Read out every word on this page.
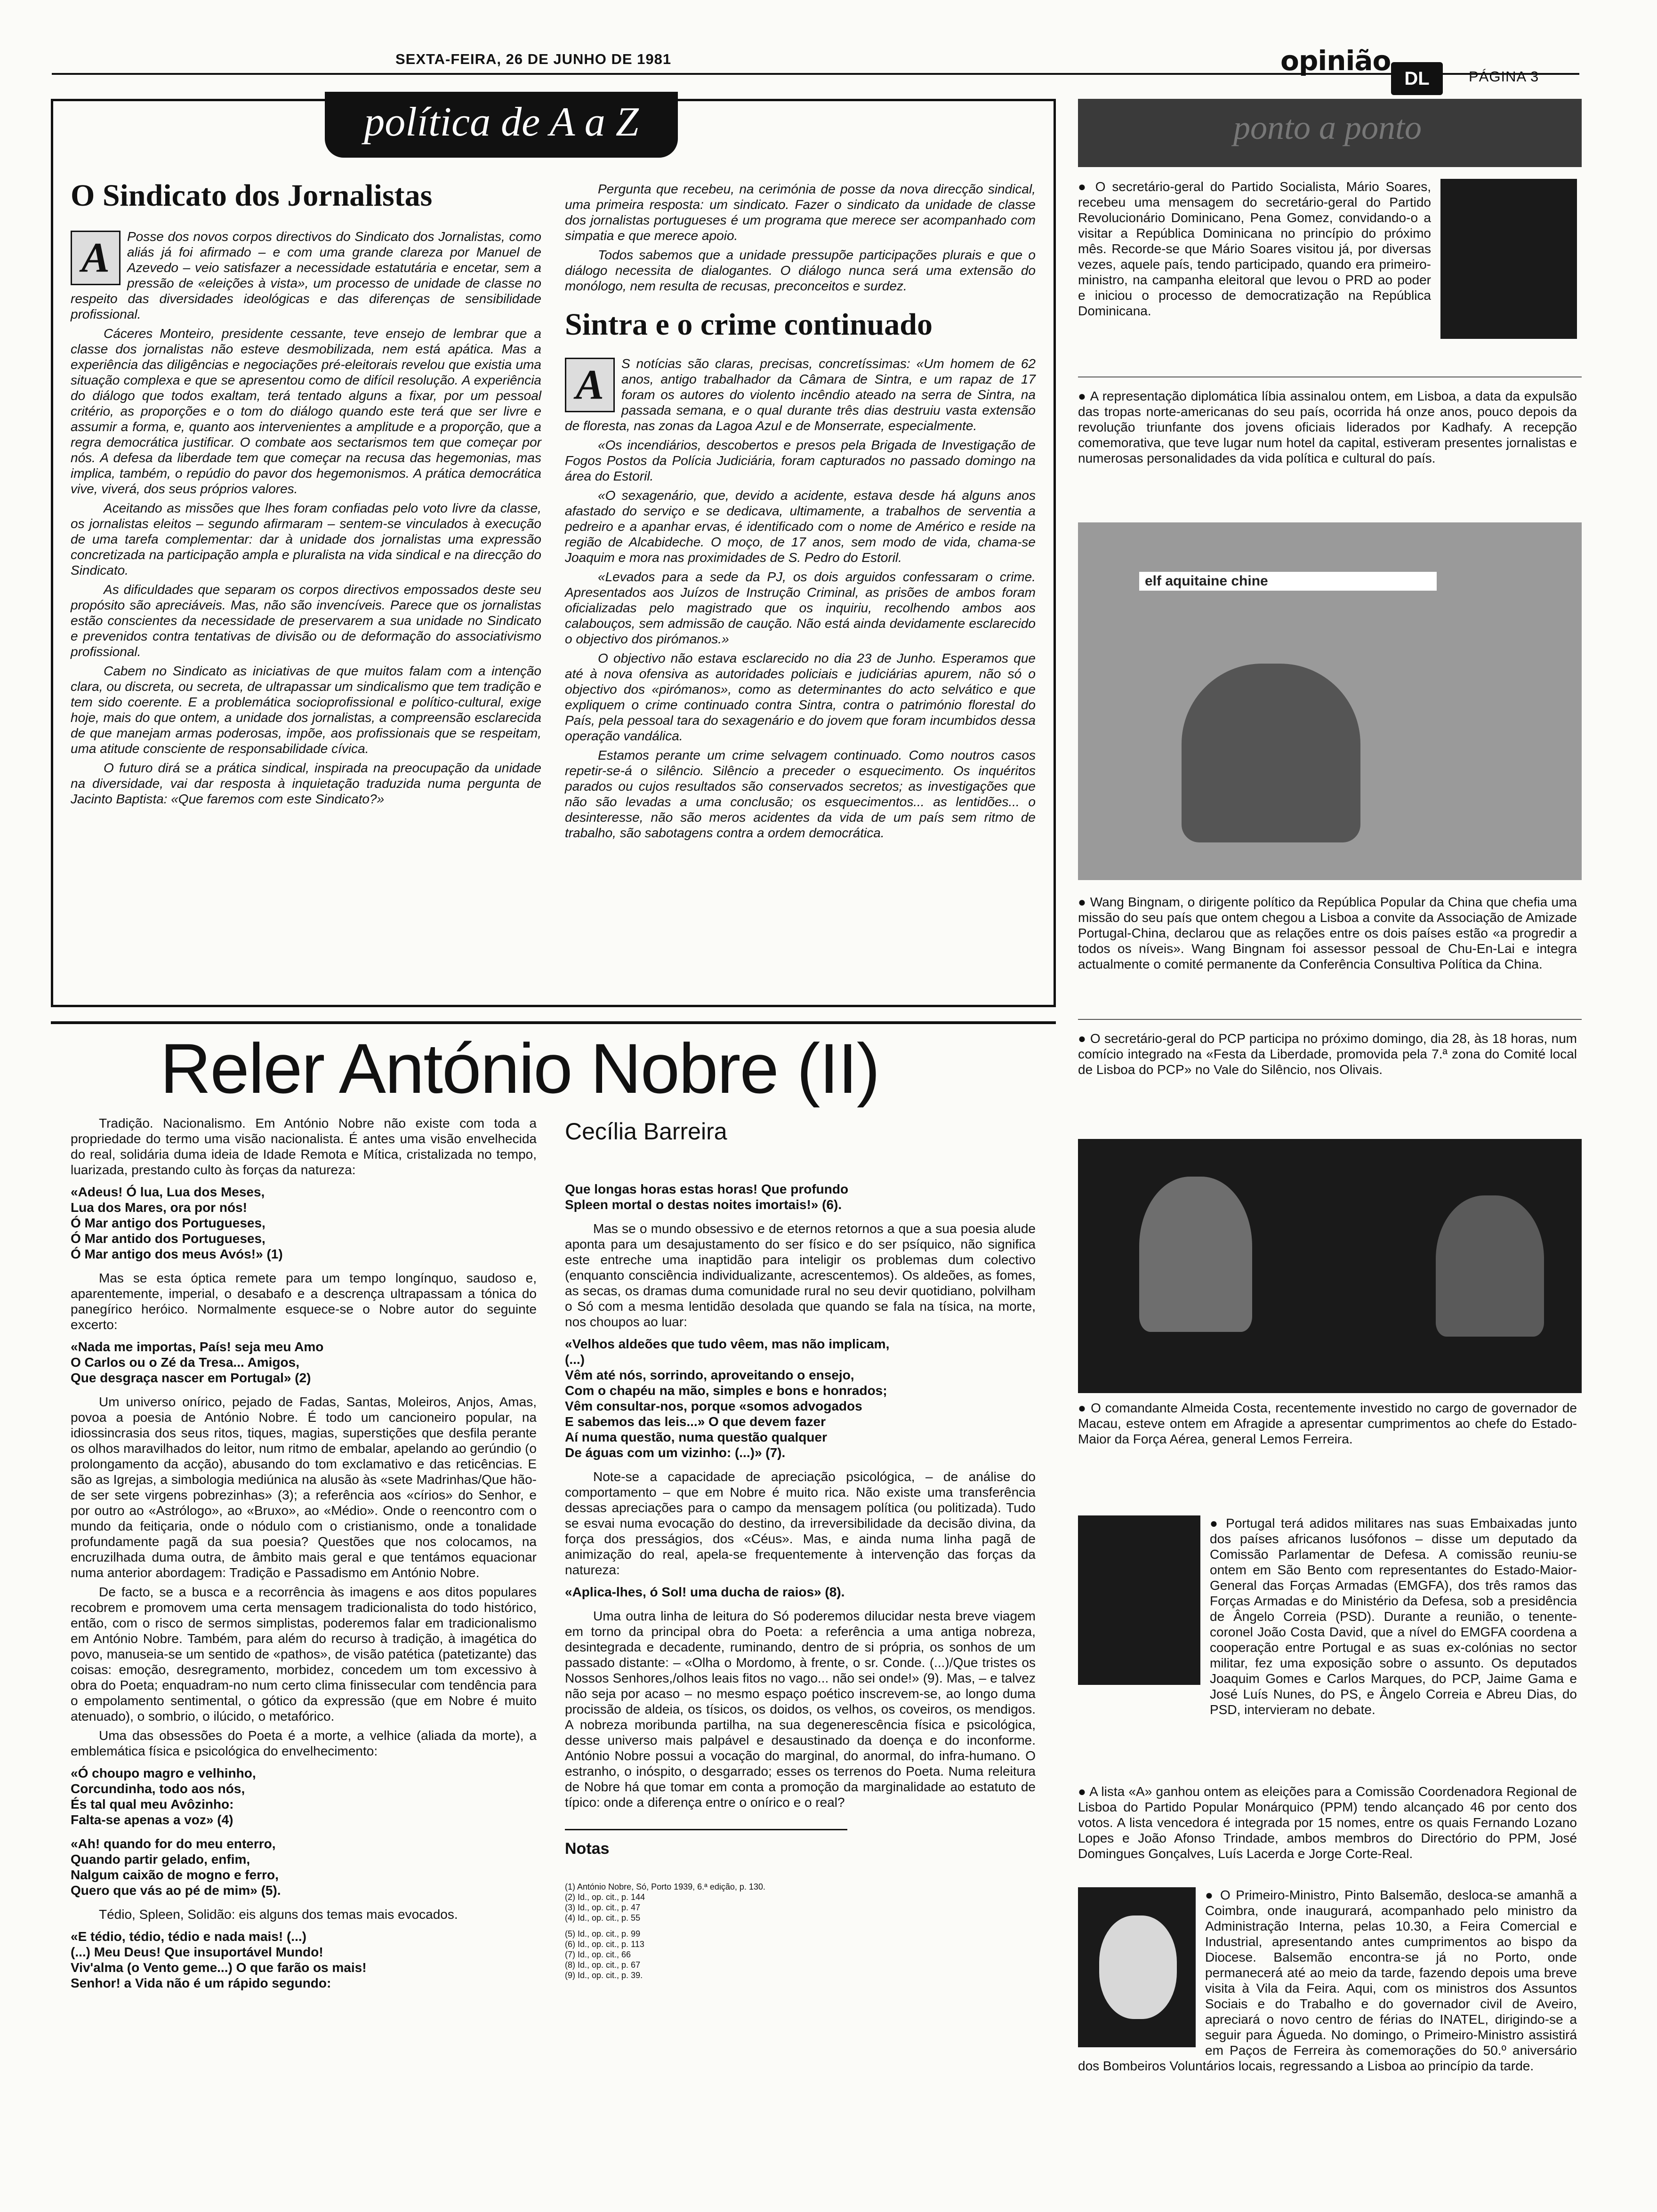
SEXTA-FEIRA, 26 DE JUNHO DE 1981	opinião
DL	PÁGINA 3
política de A a Z
O Sindicato dos Jornalistas
A	Posse dos novos corpos directivos do Sindicato dos Jornalistas, como aliás já foi afirmado – e com uma grande clareza por Manuel de Azevedo – veio satisfazer a necessidade estatutária e encetar, sem a pressão de «eleições à vista», um processo de unidade de classe no respeito das diversidades ideológicas e das diferenças de sensibilidade profissional.

Cáceres Monteiro, presidente cessante, teve ensejo de lembrar que a classe dos jornalistas não esteve desmobilizada, nem está apática. Mas a experiência das diligências e negociações pré-eleitorais revelou que existia uma situação complexa e que se apresentou como de difícil resolução. A experiência do diálogo que todos exaltam, terá tentado alguns a fixar, por um pessoal critério, as proporções e o tom do diálogo quando este terá que ser livre e assumir a forma, e, quanto aos intervenientes a amplitude e a proporção, que a regra democrática justificar. O combate aos sectarismos tem que começar por nós. A defesa da liberdade tem que começar na recusa das hegemonias, mas implica, também, o repúdio do pavor dos hegemonismos. A prática democrática vive, viverá, dos seus próprios valores.

Aceitando as missões que lhes foram confiadas pelo voto livre da classe, os jornalistas eleitos – segundo afirmaram – sentem-se vinculados à execução de uma tarefa complementar: dar à unidade dos jornalistas uma expressão concretizada na participação ampla e pluralista na vida sindical e na direcção do Sindicato.

As dificuldades que separam os corpos directivos empossados deste seu propósito são apreciáveis. Mas, não são invencíveis. Parece que os jornalistas estão conscientes da necessidade de preservarem a sua unidade no Sindicato e prevenidos contra tentativas de divisão ou de deformação do associativismo profissional.

Cabem no Sindicato as iniciativas de que muitos falam com a intenção clara, ou discreta, ou secreta, de ultrapassar um sindicalismo que tem tradição e tem sido coerente. E a problemática socioprofissional e político-cultural, exige hoje, mais do que ontem, a unidade dos jornalistas, a compreensão esclarecida de que manejam armas poderosas, impõe, aos profissionais que se respeitam, uma atitude consciente de responsabilidade cívica.

O futuro dirá se a prática sindical, inspirada na preocupação da unidade na diversidade, vai dar resposta à inquietação traduzida numa pergunta de Jacinto Baptista: «Que faremos com este Sindicato?»

Pergunta que recebeu, na cerimónia de posse da nova direcção sindical, uma primeira resposta: um sindicato. Fazer o sindicato da unidade de classe dos jornalistas portugueses é um programa que merece ser acompanhado com simpatia e que merece apoio.

Todos sabemos que a unidade pressupõe participações plurais e que o diálogo necessita de dialogantes. O diálogo nunca será uma extensão do monólogo, nem resulta de recusas, preconceitos e surdez.

Sintra e o crime continuado
A	S notícias são claras, precisas, concretíssimas: «Um homem de 62 anos, antigo trabalhador da Câmara de Sintra, e um rapaz de 17 foram os autores do violento incêndio ateado na serra de Sintra, na passada semana, e o qual durante três dias destruiu vasta extensão de floresta, nas zonas da Lagoa Azul e de Monserrate, especialmente.

«Os incendiários, descobertos e presos pela Brigada de Investigação de Fogos Postos da Polícia Judiciária, foram capturados no passado domingo na área do Estoril.

«O sexagenário, que, devido a acidente, estava desde há alguns anos afastado do serviço e se dedicava, ultimamente, a trabalhos de serventia a pedreiro e a apanhar ervas, é identificado com o nome de Américo e reside na região de Alcabideche. O moço, de 17 anos, sem modo de vida, chama-se Joaquim e mora nas proximidades de S. Pedro do Estoril.

«Levados para a sede da PJ, os dois arguidos confessaram o crime. Apresentados aos Juízos de Instrução Criminal, as prisões de ambos foram oficializadas pelo magistrado que os inquiriu, recolhendo ambos aos calabouços, sem admissão de caução. Não está ainda devidamente esclarecido o objectivo dos pirómanos.»

O objectivo não estava esclarecido no dia 23 de Junho. Esperamos que até à nova ofensiva as autoridades policiais e judiciárias apurem, não só o objectivo dos «pirómanos», como as determinantes do acto selvático e que expliquem o crime continuado contra Sintra, contra o património florestal do País, pela pessoal tara do sexagenário e do jovem que foram incumbidos dessa operação vandálica.

Estamos perante um crime selvagem continuado. Como noutros casos repetir-se-á o silêncio. Silêncio a preceder o esquecimento. Os inquéritos parados ou cujos resultados são conservados secretos; as investigações que não são levadas a uma conclusão; os esquecimentos... as lentidões... o desinteresse, não são meros acidentes da vida de um país sem ritmo de trabalho, são sabotagens contra a ordem democrática.

ponto a ponto
● O secretário-geral do Partido Socialista, Mário Soares, recebeu uma mensagem do secretário-geral do Partido Revolucionário Dominicano, Pena Gomez, convidando-o a visitar a República Dominicana no princípio do próximo mês. Recorde-se que Mário Soares visitou já, por diversas vezes, aquele país, tendo participado, quando era primeiro-ministro, na campanha eleitoral que levou o PRD ao poder e iniciou o processo de democratização na República Dominicana.
● A representação diplomática líbia assinalou ontem, em Lisboa, a data da expulsão das tropas norte-americanas do seu país, ocorrida há onze anos, pouco depois da revolução triunfante dos jovens oficiais liderados por Kadhafy. A recepção comemorativa, que teve lugar num hotel da capital, estiveram presentes jornalistas e numerosas personalidades da vida política e cultural do país.
elf aquitaine chine
● Wang Bingnam, o dirigente político da República Popular da China que chefia uma missão do seu país que ontem chegou a Lisboa a convite da Associação de Amizade Portugal-China, declarou que as relações entre os dois países estão «a progredir a todos os níveis». Wang Bingnam foi assessor pessoal de Chu-En-Lai e integra actualmente o comité permanente da Conferência Consultiva Política da China.
● O secretário-geral do PCP participa no próximo domingo, dia 28, às 18 horas, num comício integrado na «Festa da Liberdade, promovida pela 7.ª zona do Comité local de Lisboa do PCP» no Vale do Silêncio, nos Olivais.
● O comandante Almeida Costa, recentemente investido no cargo de governador de Macau, esteve ontem em Afragide a apresentar cumprimentos ao chefe do Estado-Maior da Força Aérea, general Lemos Ferreira.
● Portugal terá adidos militares nas suas Embaixadas junto dos países africanos lusófonos – disse um deputado da Comissão Parlamentar de Defesa. A comissão reuniu-se ontem em São Bento com representantes do Estado-Maior-General das Forças Armadas (EMGFA), dos três ramos das Forças Armadas e do Ministério da Defesa, sob a presidência de Ângelo Correia (PSD). Durante a reunião, o tenente-coronel João Costa David, que a nível do EMGFA coordena a cooperação entre Portugal e as suas ex-colónias no sector militar, fez uma exposição sobre o assunto. Os deputados Joaquim Gomes e Carlos Marques, do PCP, Jaime Gama e José Luís Nunes, do PS, e Ângelo Correia e Abreu Dias, do PSD, intervieram no debate.
● A lista «A» ganhou ontem as eleições para a Comissão Coordenadora Regional de Lisboa do Partido Popular Monárquico (PPM) tendo alcançado 46 por cento dos votos. A lista vencedora é integrada por 15 nomes, entre os quais Fernando Lozano Lopes e João Afonso Trindade, ambos membros do Directório do PPM, José Domingues Gonçalves, Luís Lacerda e Jorge Corte-Real.
● O Primeiro-Ministro, Pinto Balsemão, desloca-se amanhã a Coimbra, onde inaugurará, acompanhado pelo ministro da Administração Interna, pelas 10.30, a Feira Comercial e Industrial, apresentando antes cumprimentos ao bispo da Diocese. Balsemão encontra-se já no Porto, onde permanecerá até ao meio da tarde, fazendo depois uma breve visita à Vila da Feira. Aqui, com os ministros dos Assuntos Sociais e do Trabalho e do governador civil de Aveiro, apreciará o novo centro de férias do INATEL, dirigindo-se a seguir para Águeda. No domingo, o Primeiro-Ministro assistirá em Paços de Ferreira às comemorações do 50.º aniversário dos Bombeiros Voluntários locais, regressando a Lisboa ao princípio da tarde.
Reler António Nobre (II)
Cecília Barreira

Tradição. Nacionalismo. Em António Nobre não existe com toda a propriedade do termo uma visão nacionalista. É antes uma visão envelhecida do real, solidária duma ideia de Idade Remota e Mítica, cristalizada no tempo, luarizada, prestando culto às forças da natureza:

«Adeus! Ó lua, Lua dos Meses,
Lua dos Mares, ora por nós!
Ó Mar antigo dos Portugueses,
Ó Mar antido dos Portugueses,
Ó Mar antigo dos meus Avós!» (1)

Mas se esta óptica remete para um tempo longínquo, saudoso e, aparentemente, imperial, o desabafo e a descrença ultrapassam a tónica do panegírico heróico. Normalmente esquece-se o Nobre autor do seguinte excerto:

«Nada me importas, País! seja meu Amo
O Carlos ou o Zé da Tresa... Amigos,
Que desgraça nascer em Portugal» (2)

Um universo onírico, pejado de Fadas, Santas, Moleiros, Anjos, Amas, povoa a poesia de António Nobre. É todo um cancioneiro popular, na idiossincrasia dos seus ritos, tiques, magias, superstições que desfila perante os olhos maravilhados do leitor, num ritmo de embalar, apelando ao gerúndio (o prolongamento da acção), abusando do tom exclamativo e das reticências. E são as Igrejas, a simbologia mediúnica na alusão às «sete Madrinhas/Que hão-de ser sete virgens pobrezinhas» (3); a referência aos «círios» do Senhor, e por outro ao «Astrólogo», ao «Bruxo», ao «Médio». Onde o reencontro com o mundo da feitiçaria, onde o nódulo com o cristianismo, onde a tonalidade profundamente pagã da sua poesia? Questões que nos colocamos, na encruzilhada duma outra, de âmbito mais geral e que tentámos equacionar numa anterior abordagem: Tradição e Passadismo em António Nobre.

De facto, se a busca e a recorrência às imagens e aos ditos populares recobrem e promovem uma certa mensagem tradicionalista do todo histórico, então, com o risco de sermos simplistas, poderemos falar em tradicionalismo em António Nobre. Também, para além do recurso à tradição, à imagética do povo, manuseia-se um sentido de «pathos», de visão patética (patetizante) das coisas: emoção, desregramento, morbidez, concedem um tom excessivo à obra do Poeta; enquadram-no num certo clima finissecular com tendência para o empolamento sentimental, o gótico da expressão (que em Nobre é muito atenuado), o sombrio, o ilúcido, o metafórico.

Uma das obsessões do Poeta é a morte, a velhice (aliada da morte), a emblemática física e psicológica do envelhecimento:

«Ó choupo magro e velhinho,
Corcundinha, todo aos nós,
És tal qual meu Avôzinho:
Falta-se apenas a voz» (4)
«Ah! quando for do meu enterro,
Quando partir gelado, enfim,
Nalgum caixão de mogno e ferro,
Quero que vás ao pé de mim» (5).

Tédio, Spleen, Solidão: eis alguns dos temas mais evocados.

«E tédio, tédio, tédio e nada mais! (...)
(...) Meu Deus! Que insuportável Mundo!
Viv'alma (o Vento geme...) O que farão os mais!
Senhor! a Vida não é um rápido segundo:
Que longas horas estas horas! Que profundo
Spleen mortal o destas noites imortais!» (6).

Mas se o mundo obsessivo e de eternos retornos a que a sua poesia alude aponta para um desajustamento do ser físico e do ser psíquico, não significa este entreche uma inaptidão para inteligir os problemas dum colectivo (enquanto consciência individualizante, acrescentemos). Os aldeões, as fomes, as secas, os dramas duma comunidade rural no seu devir quotidiano, polvilham o Só com a mesma lentidão desolada que quando se fala na tísica, na morte, nos choupos ao luar:

«Velhos aldeões que tudo vêem, mas não implicam,
(...)
Vêm até nós, sorrindo, aproveitando o ensejo,
Com o chapéu na mão, simples e bons e honrados;
Vêm consultar-nos, porque «somos advogados
E sabemos das leis...» O que devem fazer
Aí numa questão, numa questão qualquer
De águas com um vizinho: (...)» (7).

Note-se a capacidade de apreciação psicológica, – de análise do comportamento – que em Nobre é muito rica. Não existe uma transferência dessas apreciações para o campo da mensagem política (ou politizada). Tudo se esvai numa evocação do destino, da irreversibilidade da decisão divina, da força dos presságios, dos «Céus». Mas, e ainda numa linha pagã de animização do real, apela-se frequentemente à intervenção das forças da natureza:

«Aplica-lhes, ó Sol! uma ducha de raios» (8).

Uma outra linha de leitura do Só poderemos dilucidar nesta breve viagem em torno da principal obra do Poeta: a referência a uma antiga nobreza, desintegrada e decadente, ruminando, dentro de si própria, os sonhos de um passado distante: – «Olha o Mordomo, à frente, o sr. Conde. (...)/Que tristes os Nossos Senhores,/olhos leais fitos no vago... não sei onde!» (9). Mas, – e talvez não seja por acaso – no mesmo espaço poético inscrevem-se, ao longo duma procissão de aldeia, os tísicos, os doidos, os velhos, os coveiros, os mendigos. A nobreza moribunda partilha, na sua degenerescência física e psicológica, desse universo mais palpável e desaustinado da doença e do inconforme. António Nobre possui a vocação do marginal, do anormal, do infra-humano. O estranho, o inóspito, o desgarrado; esses os terrenos do Poeta. Numa releitura de Nobre há que tomar em conta a promoção da marginalidade ao estatuto de típico: onde a diferença entre o onírico e o real?

Notas
(1) António Nobre, Só, Porto 1939, 6.ª edição, p. 130.
(2) Id., op. cit., p. 144
(3) Id., op. cit., p. 47
(4) Id., op. cit., p. 55
(5) Id., op. cit., p. 99
(6) Id., op. cit., p. 113
(7) Id., op. cit., 66
(8) Id., op. cit., p. 67
(9) Id., op. cit., p. 39.
